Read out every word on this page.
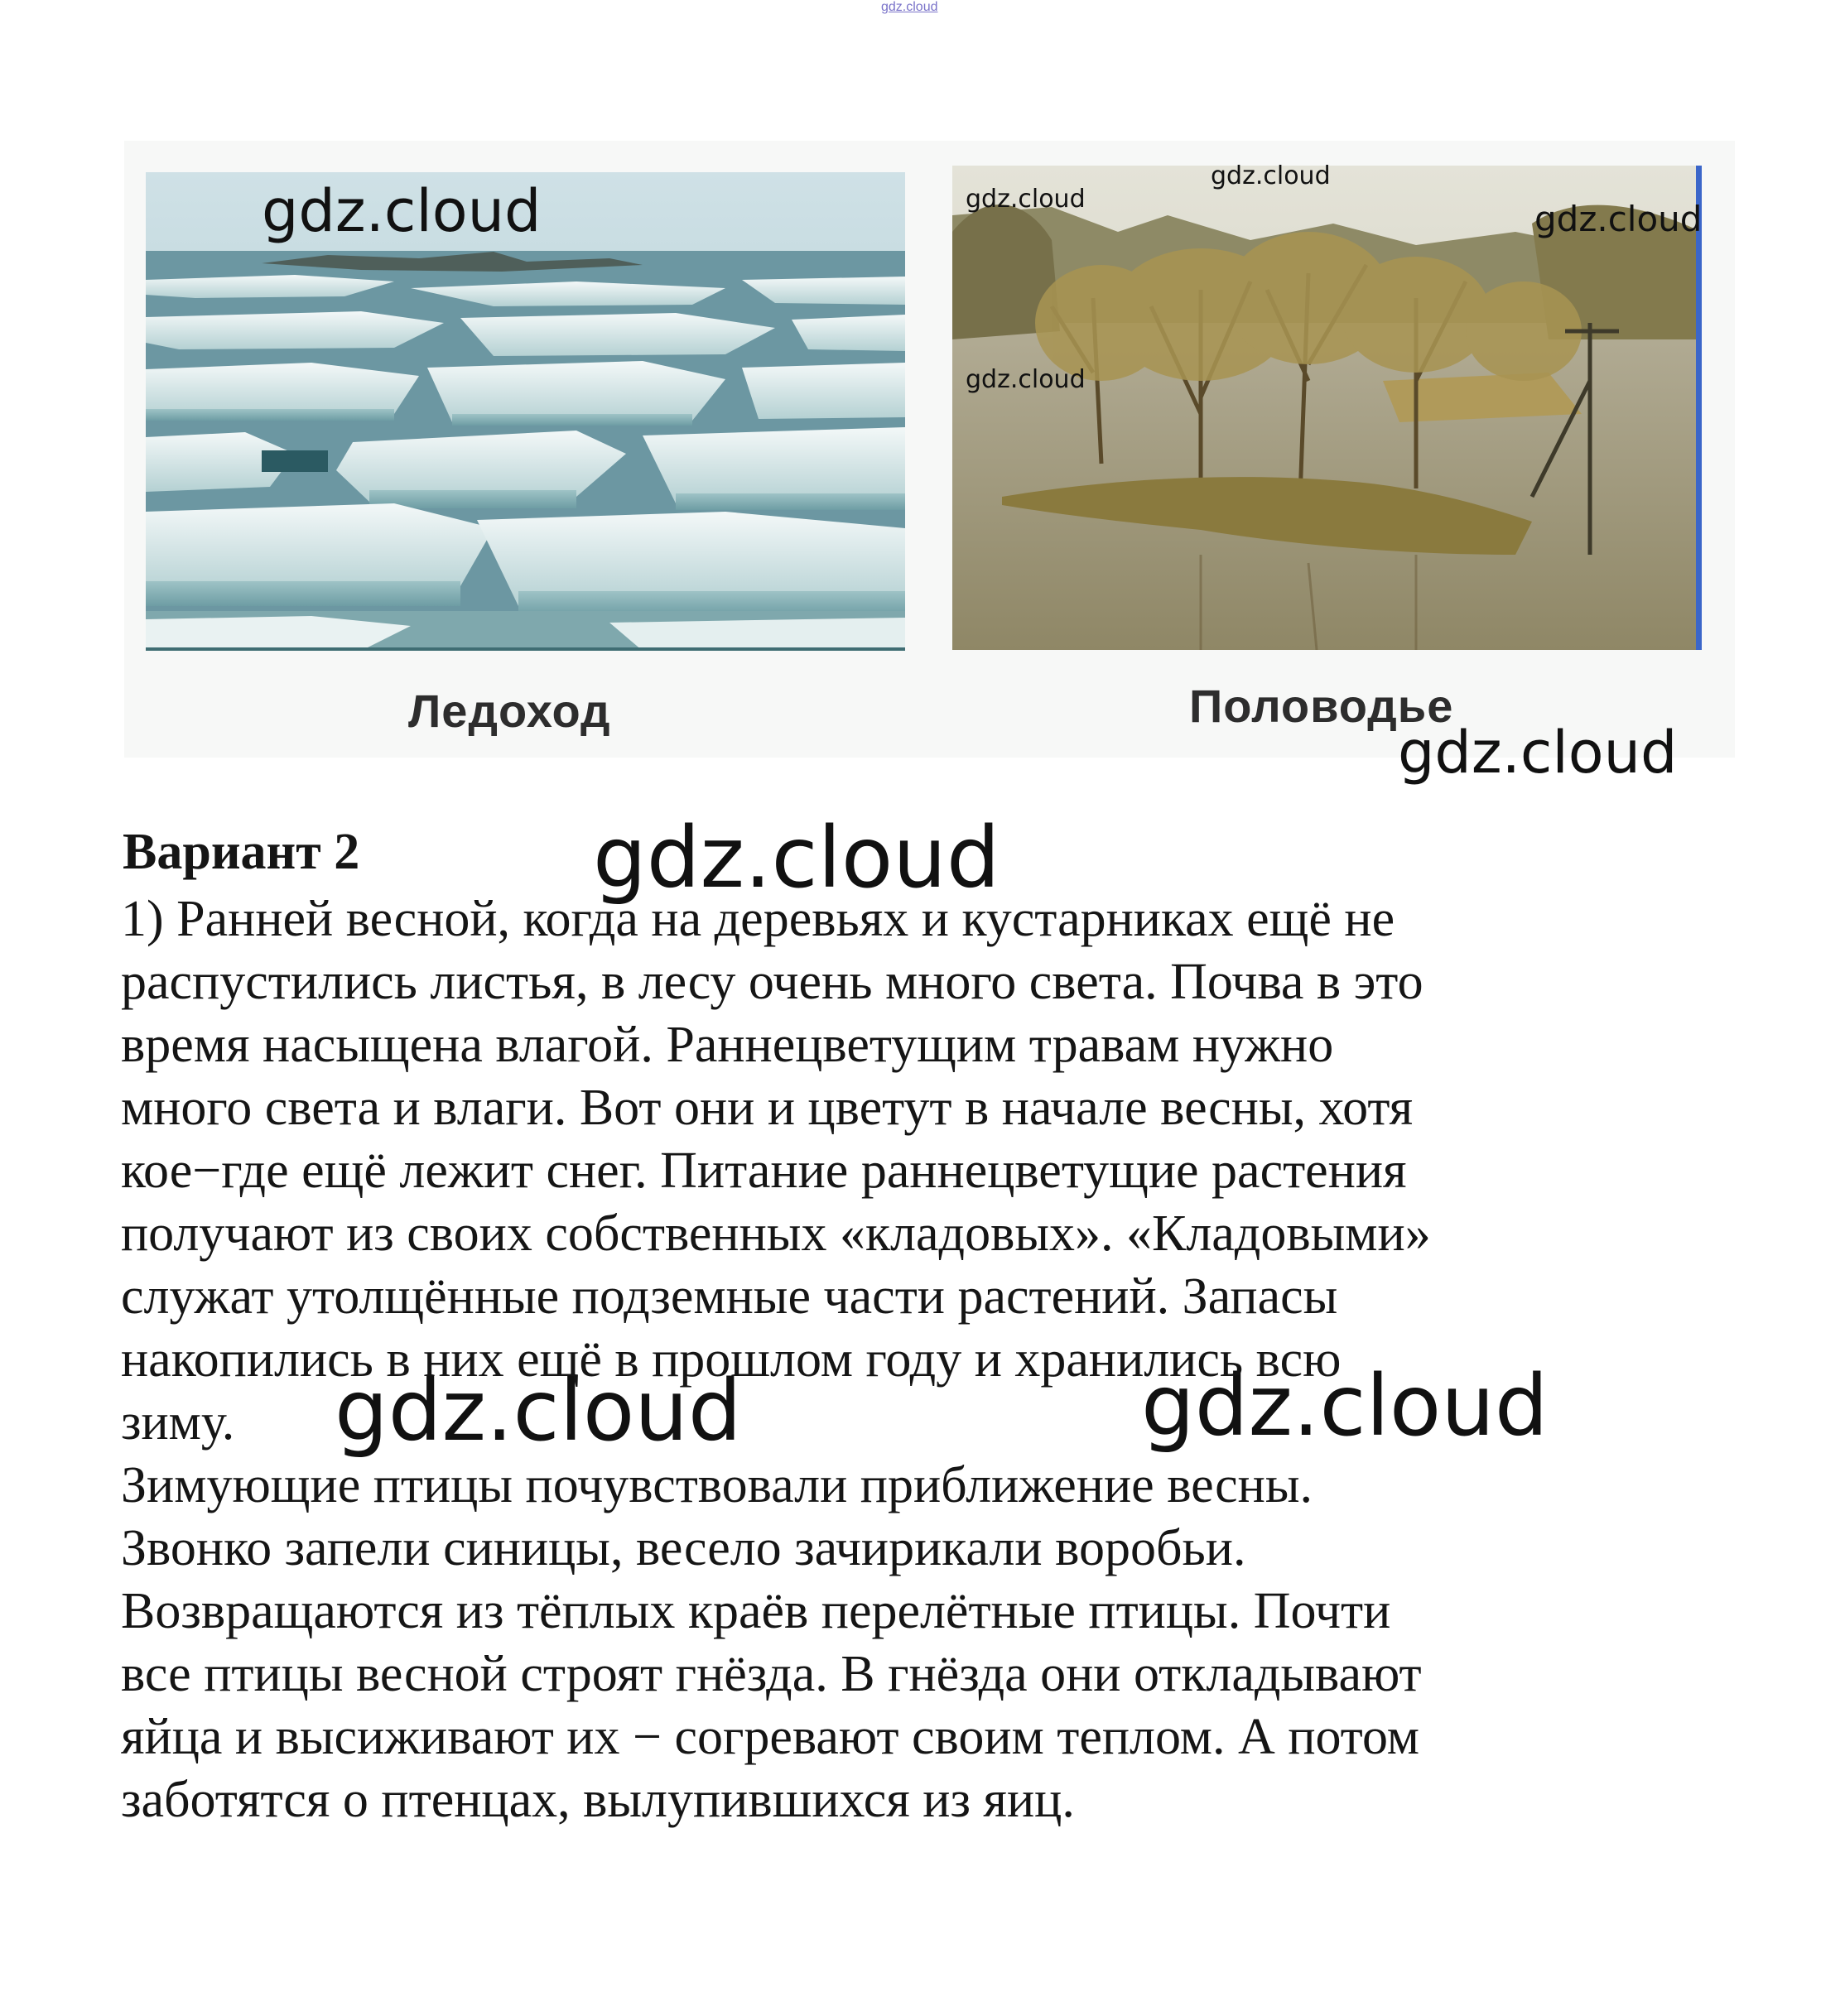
gdz.cloud
Ледоход	Половодье
gdz.cloud	gdz.cloud
gdz.cloud
gdz.cloud
gdz.cloud
gdz.cloud
gdz.cloud
gdz.cloud	gdz.cloud
Вариант 2
1) Ранней весной, когда на деревьях и кустарниках ещё не
распустились листья, в лесу очень много света. Почва в это
время насыщена влагой. Раннецветущим травам нужно
много света и влаги. Вот они и цветут в начале весны, хотя
кое−где ещё лежит снег. Питание раннецветущие растения
получают из своих собственных «кладовых». «Кладовыми»
служат утолщённые подземные части растений. Запасы
накопились в них ещё в прошлом году и хранились всю
зиму.
Зимующие птицы почувствовали приближение весны.
Звонко запели синицы, весело зачирикали воробьи.
Возвращаются из тёплых краёв перелётные птицы. Почти
все птицы весной строят гнёзда. В гнёзда они откладывают
яйца и высиживают их − согревают своим теплом. А потом
заботятся о птенцах, вылупившихся из яиц.
